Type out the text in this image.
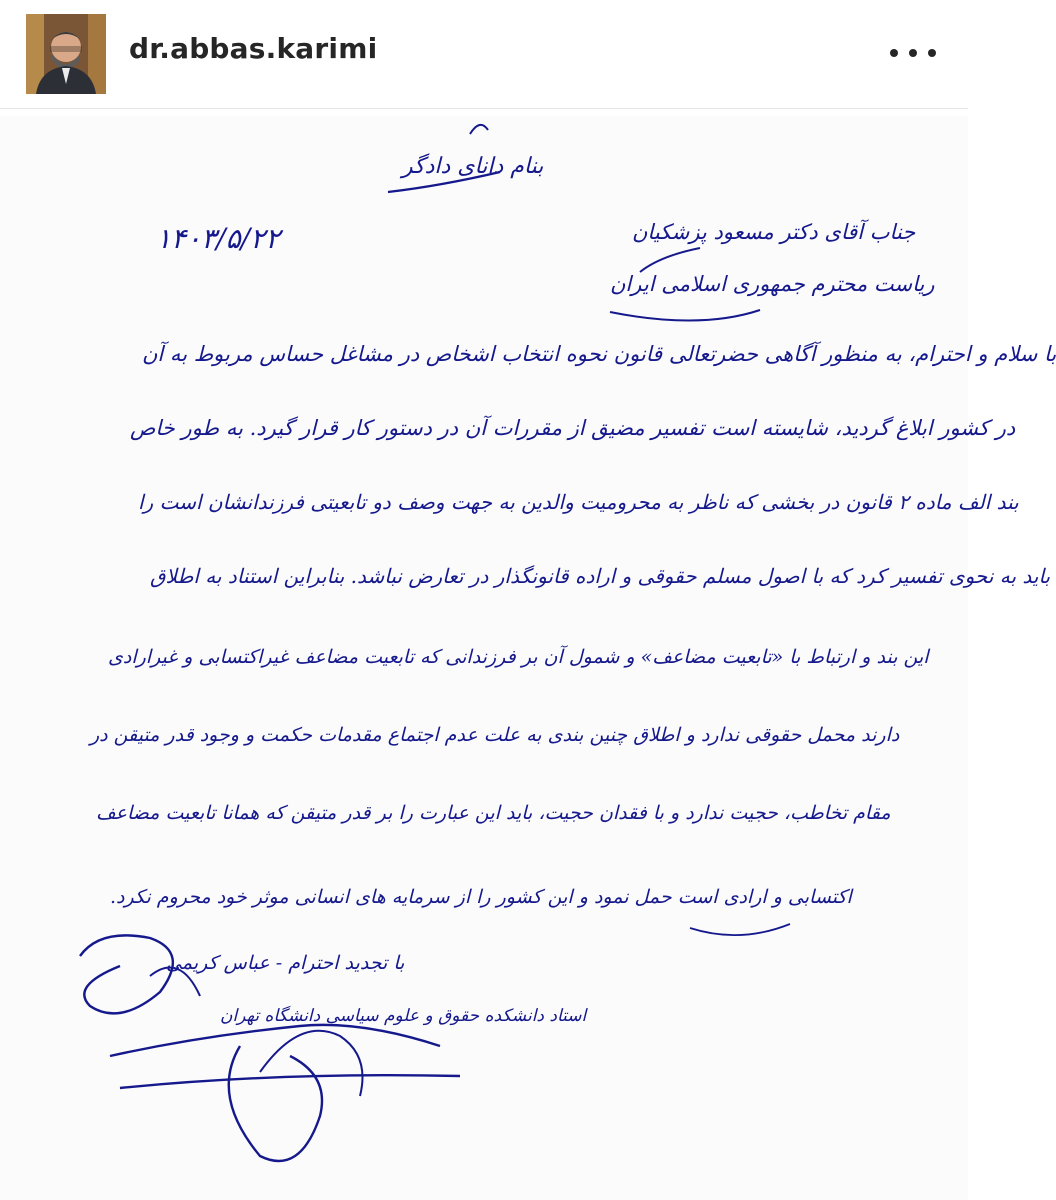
dr.abbas.karimi
بنام دانای دادگر
۱۴۰۳/۵/۲۲	جناب آقای دکتر مسعود پزشکیان
ریاست محترم جمهوری اسلامی ایران
با سلام و احترام، به منظور آگاهی حضرتعالی قانون نحوه انتخاب اشخاص در مشاغل حساس مربوط به آن
در کشور ابلاغ گردید، شایسته است تفسیر مضیق از مقررات آن در دستور کار قرار گیرد. به طور خاص
بند الف ماده ۲ قانون در بخشی که ناظر به محرومیت والدین به جهت وصف دو تابعیتی فرزندانشان است را
باید به نحوی تفسیر کرد که با اصول مسلم حقوقی و اراده قانونگذار در تعارض نباشد. بنابراین استناد به اطلاق
این بند و ارتباط با «تابعیت مضاعف» و شمول آن بر فرزندانی که تابعیت مضاعف غیراکتسابی و غیرارادی
دارند محمل حقوقی ندارد و اطلاق چنین بندی به علت عدم اجتماع مقدمات حکمت و وجود قدر متیقن در
مقام تخاطب، حجیت ندارد و با فقدان حجیت، باید این عبارت را بر قدر متیقن که همانا تابعیت مضاعف
اکتسابی و ارادی است حمل نمود و این کشور را از سرمایه های انسانی موثر خود محروم نکرد.
با تجدید احترام - عباس کریمی
استاد دانشکده حقوق و علوم سیاسی دانشگاه تهران
